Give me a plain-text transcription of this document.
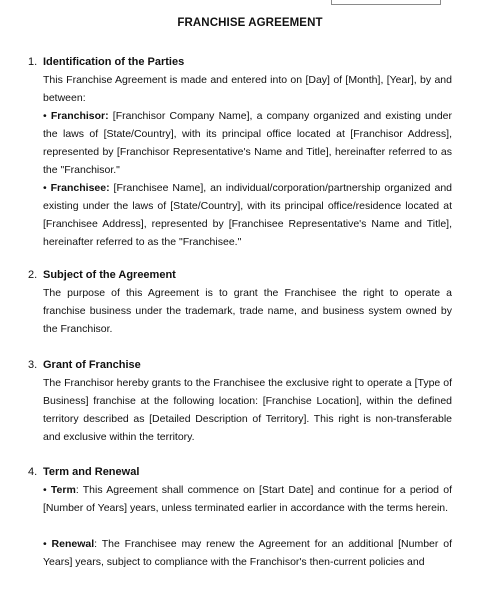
FRANCHISE AGREEMENT
1. Identification of the Parties

This Franchise Agreement is made and entered into on [Day] of [Month], [Year], by and between:

• Franchisor: [Franchisor Company Name], a company organized and existing under the laws of [State/Country], with its principal office located at [Franchisor Address], represented by [Franchisor Representative's Name and Title], hereinafter referred to as the "Franchisor."

• Franchisee: [Franchisee Name], an individual/corporation/partnership organized and existing under the laws of [State/Country], with its principal office/residence located at [Franchisee Address], represented by [Franchisee Representative's Name and Title], hereinafter referred to as the "Franchisee."

2. Subject of the Agreement

The purpose of this Agreement is to grant the Franchisee the right to operate a franchise business under the trademark, trade name, and business system owned by the Franchisor.

3. Grant of Franchise

The Franchisor hereby grants to the Franchisee the exclusive right to operate a [Type of Business] franchise at the following location: [Franchise Location], within the defined territory described as [Detailed Description of Territory]. This right is non-transferable and exclusive within the territory.

4. Term and Renewal

• Term: This Agreement shall commence on [Start Date] and continue for a period of [Number of Years] years, unless terminated earlier in accordance with the terms herein.

• Renewal: The Franchisee may renew the Agreement for an additional [Number of Years] years, subject to compliance with the Franchisor's then-current policies and
